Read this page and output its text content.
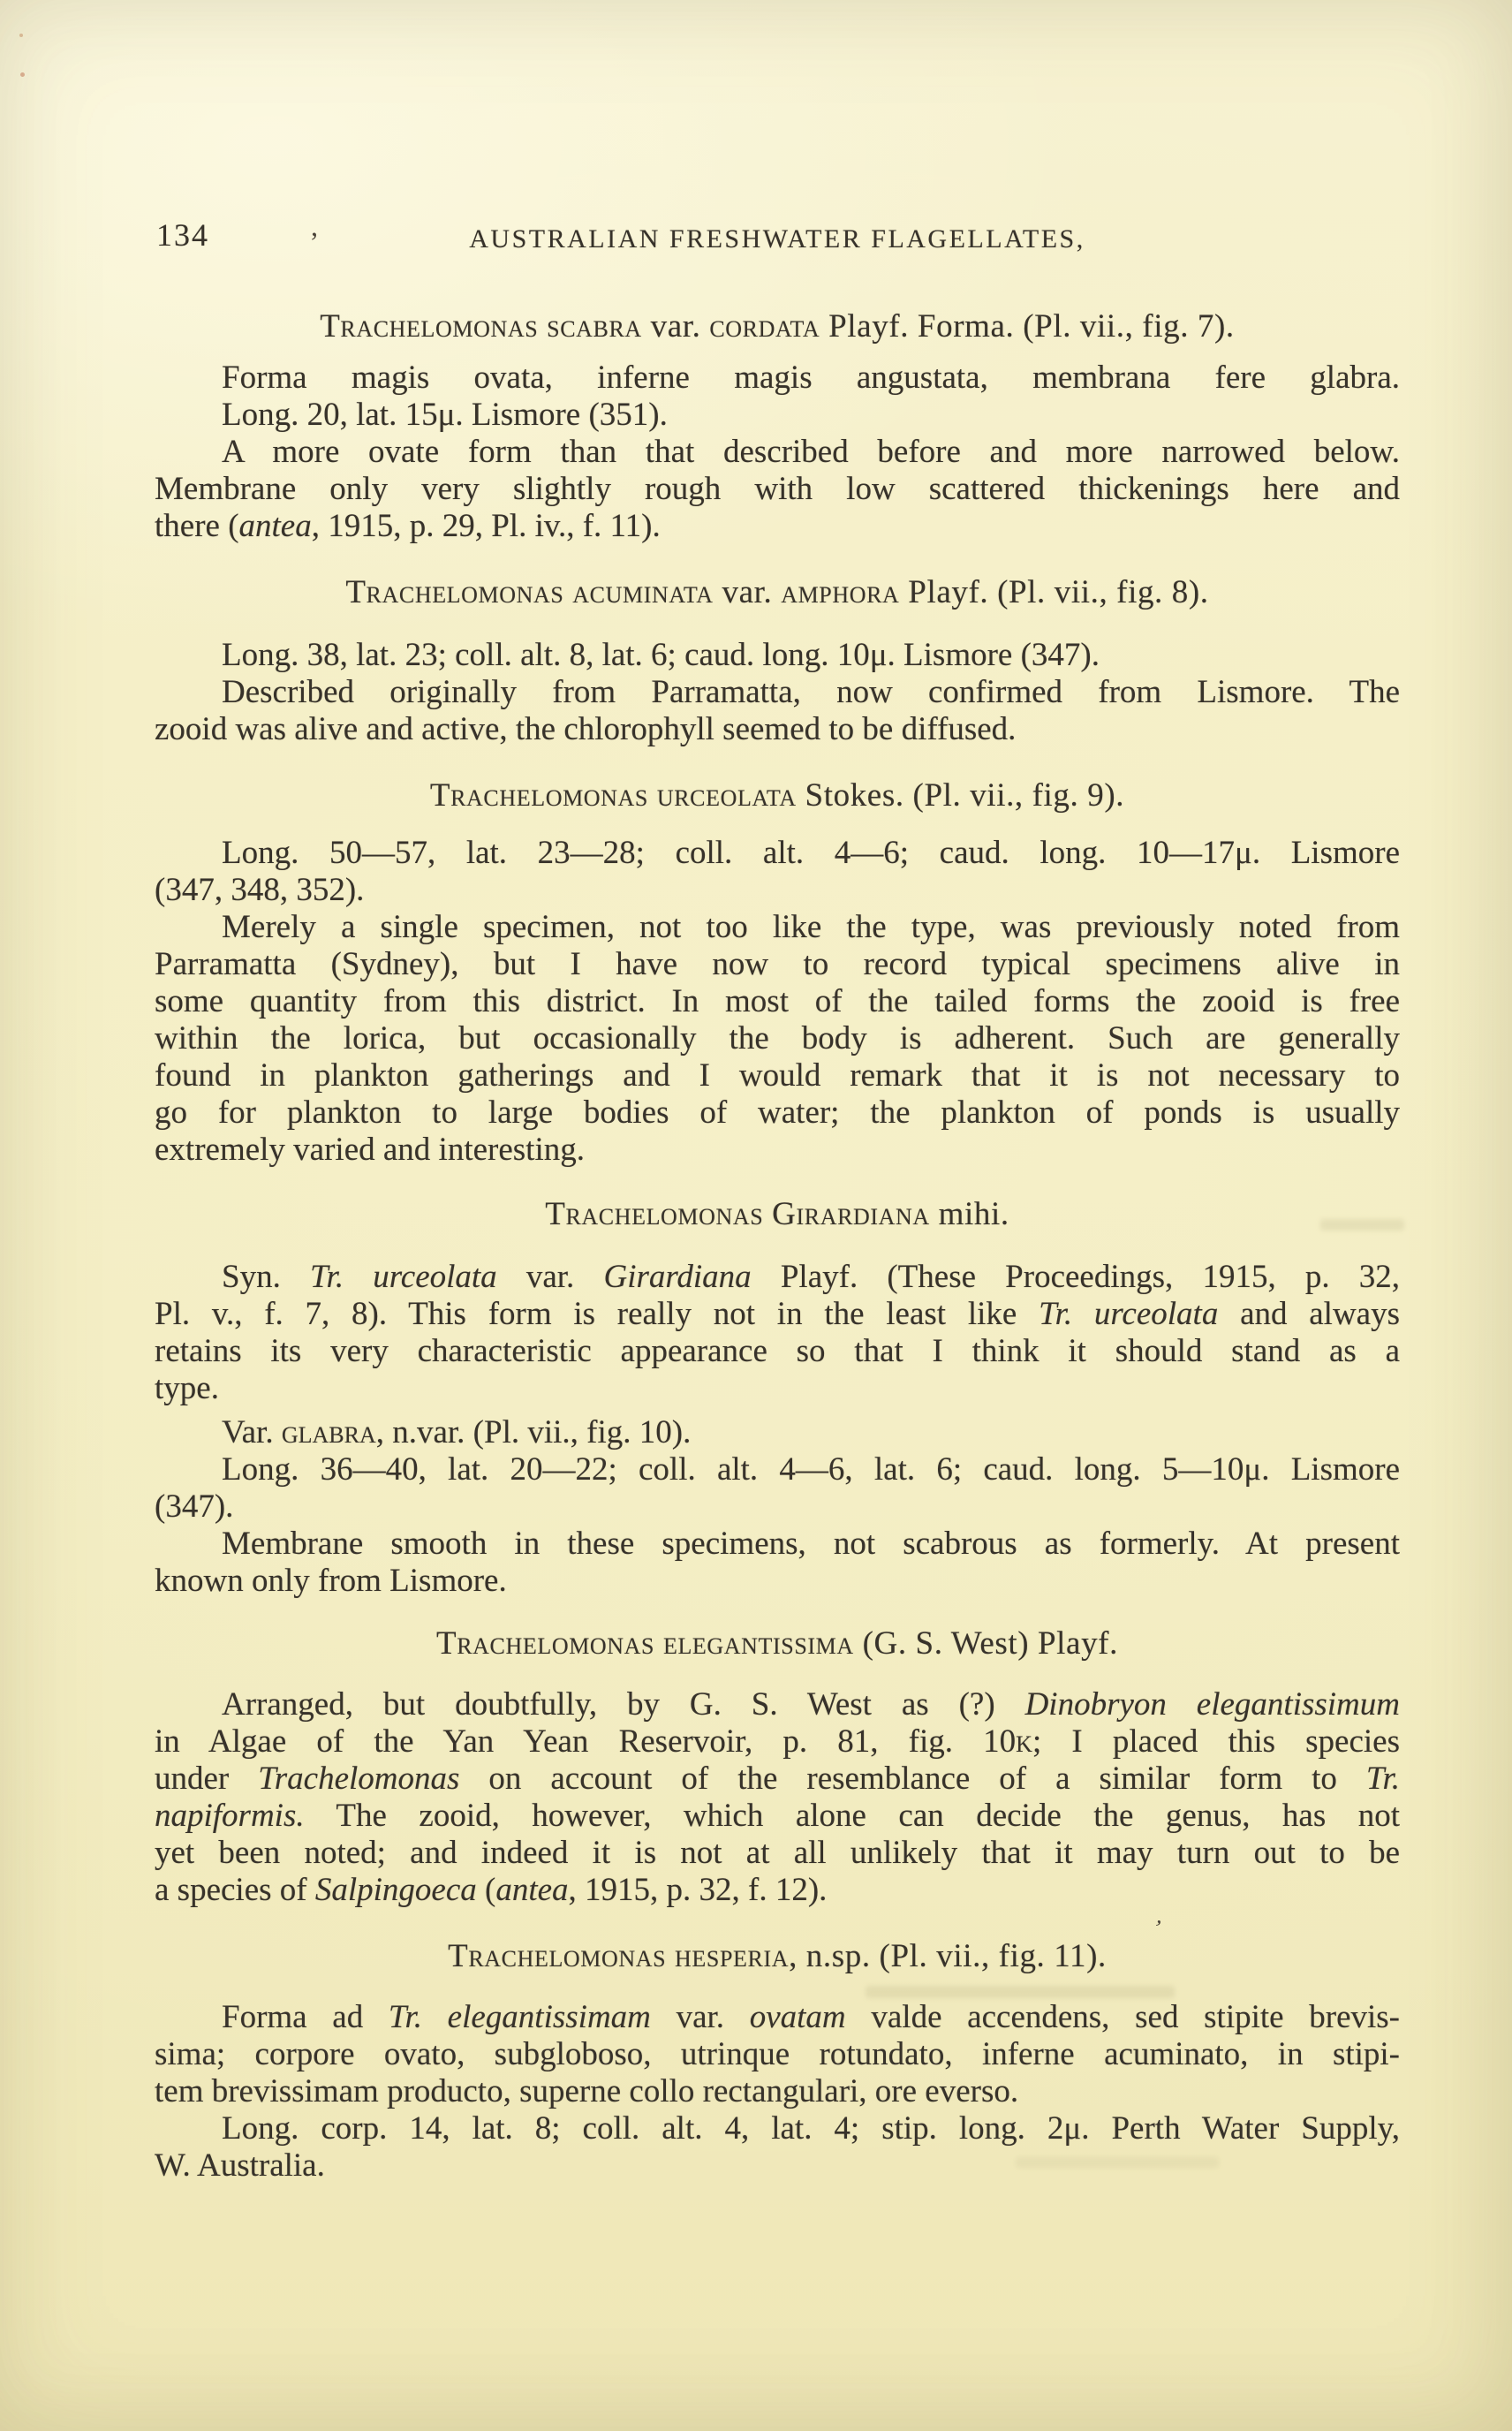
134	AUSTRALIAN FRESHWATER FLAGELLATES,
Trachelomonas scabra var. cordata Playf. Forma. (Pl. vii., fig. 7).
Forma magis ovata, inferne magis angustata, membrana fere glabra.
Long. 20, lat. 15μ. Lismore (351).
A more ovate form than that described before and more narrowed below.
Membrane only very slightly rough with low scattered thickenings here and
there (antea, 1915, p. 29, Pl. iv., f. 11).
Trachelomonas acuminata var. amphora Playf. (Pl. vii., fig. 8).
Long. 38, lat. 23; coll. alt. 8, lat. 6; caud. long. 10μ. Lismore (347).
Described originally from Parramatta, now confirmed from Lismore. The
zooid was alive and active, the chlorophyll seemed to be diffused.
Trachelomonas urceolata Stokes. (Pl. vii., fig. 9).
Long. 50—57, lat. 23—28; coll. alt. 4—6; caud. long. 10—17μ. Lismore
(347, 348, 352).
Merely a single specimen, not too like the type, was previously noted from
Parramatta (Sydney), but I have now to record typical specimens alive in
some quantity from this district. In most of the tailed forms the zooid is free
within the lorica, but occasionally the body is adherent. Such are generally
found in plankton gatherings and I would remark that it is not necessary to
go for plankton to large bodies of water; the plankton of ponds is usually
extremely varied and interesting.
Trachelomonas Girardiana mihi.
Syn. Tr. urceolata var. Girardiana Playf. (These Proceedings, 1915, p. 32,
Pl. v., f. 7, 8). This form is really not in the least like Tr. urceolata and always
retains its very characteristic appearance so that I think it should stand as a
type.
Var. glabra, n.var. (Pl. vii., fig. 10).
Long. 36—40, lat. 20—22; coll. alt. 4—6, lat. 6; caud. long. 5—10μ. Lismore
(347).
Membrane smooth in these specimens, not scabrous as formerly. At present
known only from Lismore.
Trachelomonas elegantissima (G. S. West) Playf.
Arranged, but doubtfully, by G. S. West as (?) Dinobryon elegantissimum
in Algae of the Yan Yean Reservoir, p. 81, fig. 10k; I placed this species
under Trachelomonas on account of the resemblance of a similar form to Tr.
napiformis. The zooid, however, which alone can decide the genus, has not
yet been noted; and indeed it is not at all unlikely that it may turn out to be
a species of Salpingoeca (antea, 1915, p. 32, f. 12).
Trachelomonas hesperia, n.sp. (Pl. vii., fig. 11).
Forma ad Tr. elegantissimam var. ovatam valde accendens, sed stipite brevis-
sima; corpore ovato, subgloboso, utrinque rotundato, inferne acuminato, in stipi-
tem brevissimam producto, superne collo rectangulari, ore everso.
Long. corp. 14, lat. 8; coll. alt. 4, lat. 4; stip. long. 2μ. Perth Water Supply,
W. Australia.
,
’
